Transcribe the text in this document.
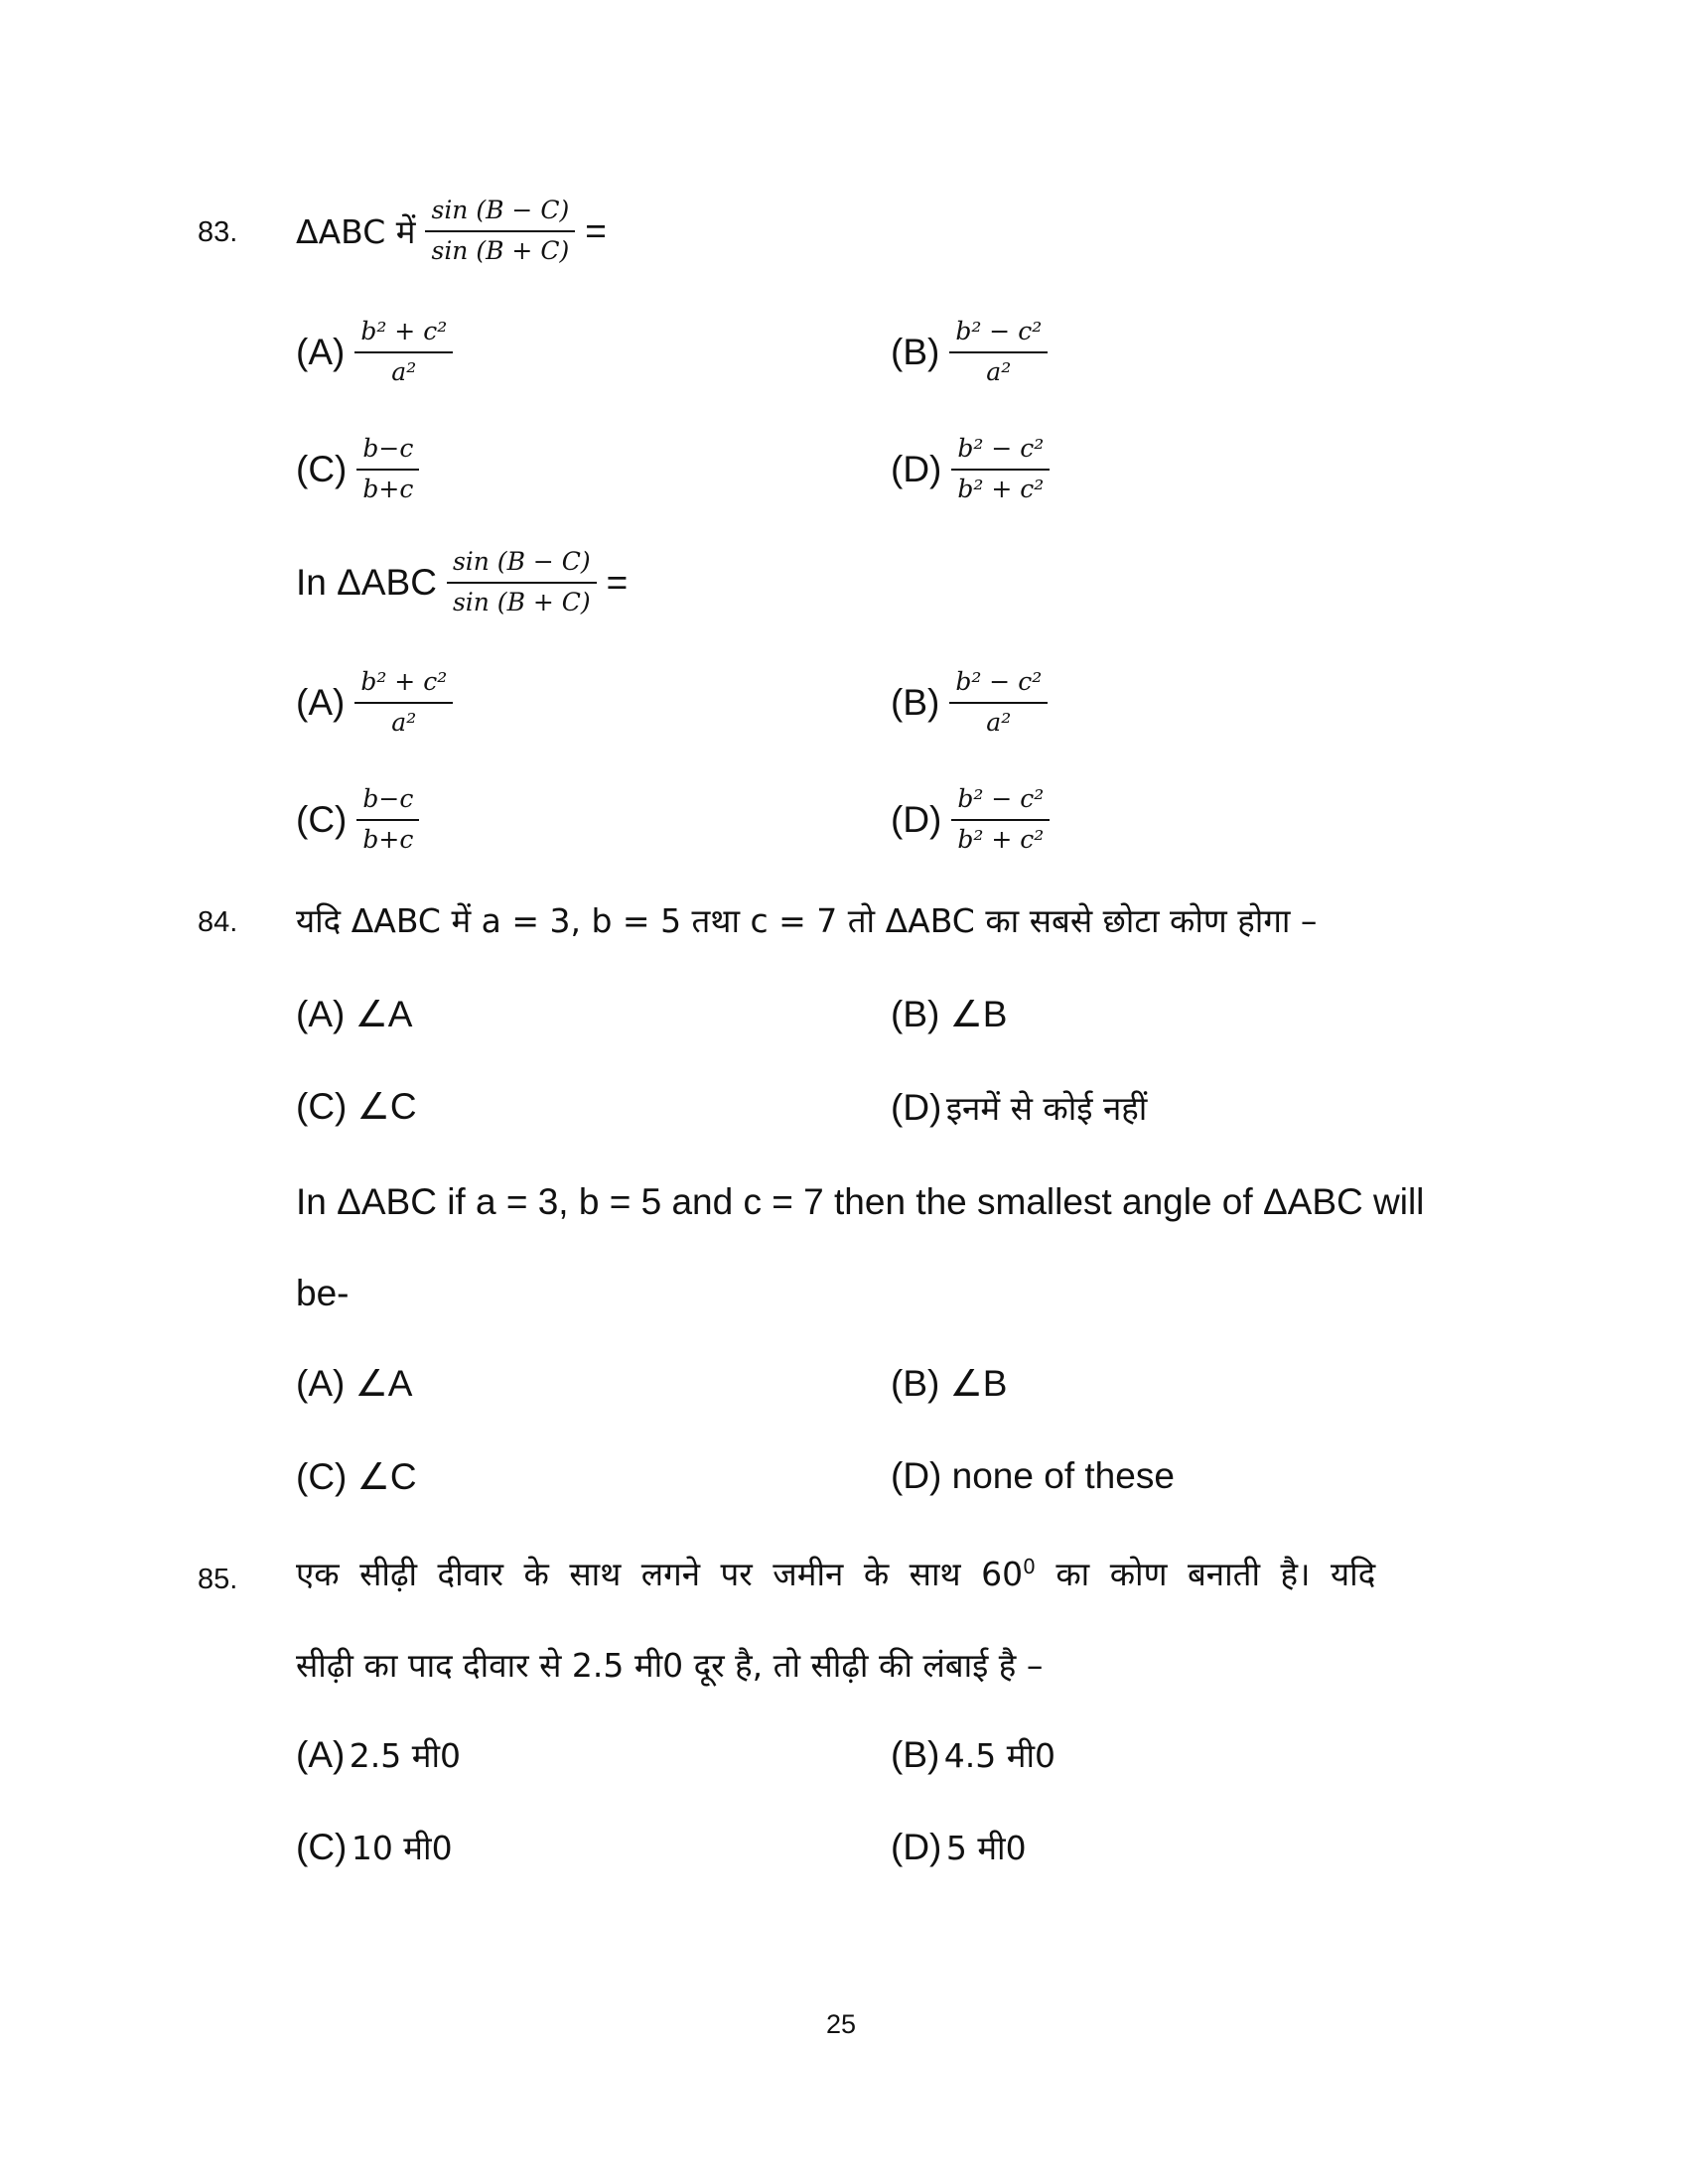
83. ΔABC में $\frac{\sin (B - C)}{\sin (B + C)}$ =
$(A) \frac{\text{b² + c²}}{\text{a²}}$	$(B) \frac{\text{b² − c²}}{\text{a²}}$
$(C) \frac{b-c}{b+c}$	$(D) \frac{\text{b² − c²}}{\text{b² + c²}}$
In ΔABC $\frac{\sin (B - C)}{\sin (B + C)}$ =
$(A) \frac{\text{b² + c²}}{\text{a²}}$	$(B) \frac{\text{b² − c²}}{\text{a²}}$
$(C) \frac{b-c}{b+c}$	$(D) \frac{\text{b² − c²}}{\text{b² + c²}}$
84. यदि ΔABC में a = 3, b = 5 तथा c = 7 तो ΔABC का सबसे छोटा कोण होगा –
(A) ∠A	(B) ∠B
(C) ∠C	(D) इनमें से कोई नहीं
In ΔABC if a = 3, b = 5 and c = 7 then the smallest angle of ΔABC will
be-
(A) ∠A	(B) ∠B
(C) ∠C	(D) none of these
85. एक सीढ़ी दीवार के साथ लगने पर जमीन के साथ $60^0$ का कोण बनाती है। यदि
सीढ़ी का पाद दीवार से 2.5 मी0 दूर है, तो सीढ़ी की लंबाई है –
(A) 2.5 मी0	(B) 4.5 मी0
(C) 10 मी0	(D) 5 मी0
25
